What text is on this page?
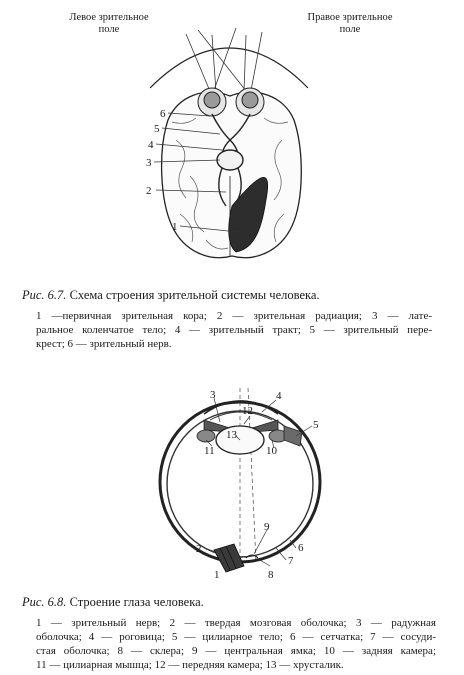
Левое зрительное
поле
Правое зрительное
поле
6
5
4
3
2
1
Рис. 6.7. Схема строения зрительной системы человека.
1 —первичная зрительная кора; 2 — зрительная радиация; 3 — лате-
ральное коленчатое тело; 4 — зрительный тракт; 5 — зрительный пере-
крест; 6 — зрительный нерв.
3	4
12
5
13
11	10
9
6
2
7
8
1
Рис. 6.8. Строение глаза человека.
1 — зрительный нерв; 2 — твердая мозговая оболочка; 3 — радужная
оболочка; 4 — роговица; 5 — цилиарное тело; 6 — сетчатка; 7 — сосуди-
стая оболочка; 8 — склера; 9 — центральная ямка; 10 — задняя камера;
11 — цилиарная мышца; 12 — передняя камера; 13 — хрусталик.
